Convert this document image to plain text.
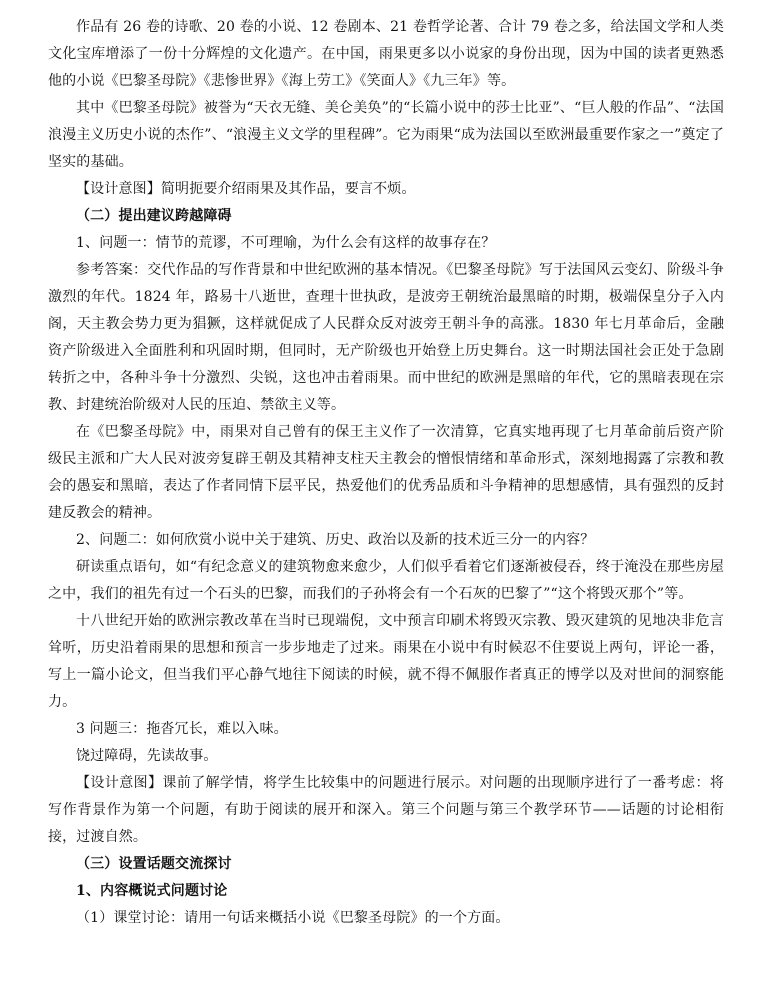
作品有 26 卷的诗歌、20 卷的小说、12 卷剧本、21 卷哲学论著、合计 79 卷之多，给法国文学和人类文化宝库增添了一份十分辉煌的文化遗产。在中国，雨果更多以小说家的身份出现，因为中国的读者更熟悉他的小说《巴黎圣母院》《悲惨世界》《海上劳工》《笑面人》《九三年》等。

其中《巴黎圣母院》被誉为“天衣无缝、美仑美奂”的“长篇小说中的莎士比亚”、“巨人般的作品”、“法国浪漫主义历史小说的杰作”、“浪漫主义文学的里程碑”。它为雨果“成为法国以至欧洲最重要作家之一”奠定了坚实的基础。

【设计意图】简明扼要介绍雨果及其作品，要言不烦。

（二）提出建议跨越障碍

1、问题一：情节的荒谬，不可理喻，为什么会有这样的故事存在？

参考答案：交代作品的写作背景和中世纪欧洲的基本情况。《巴黎圣母院》写于法国风云变幻、阶级斗争激烈的年代。1824 年，路易十八逝世，查理十世执政，是波旁王朝统治最黑暗的时期，极端保皇分子入内阁，天主教会势力更为猖獗，这样就促成了人民群众反对波旁王朝斗争的高涨。1830 年七月革命后，金融资产阶级进入全面胜利和巩固时期，但同时，无产阶级也开始登上历史舞台。这一时期法国社会正处于急剧转折之中，各种斗争十分激烈、尖锐，这也冲击着雨果。而中世纪的欧洲是黑暗的年代，它的黑暗表现在宗教、封建统治阶级对人民的压迫、禁欲主义等。

在《巴黎圣母院》中，雨果对自己曾有的保王主义作了一次清算，它真实地再现了七月革命前后资产阶级民主派和广大人民对波旁复辟王朝及其精神支柱天主教会的憎恨情绪和革命形式，深刻地揭露了宗教和教会的愚妄和黑暗，表达了作者同情下层平民，热爱他们的优秀品质和斗争精神的思想感情，具有强烈的反封建反教会的精神。

2、问题二：如何欣赏小说中关于建筑、历史、政治以及新的技术近三分一的内容？

研读重点语句，如“有纪念意义的建筑物愈来愈少，人们似乎看着它们逐渐被侵吞，终于淹没在那些房屋之中，我们的祖先有过一个石头的巴黎，而我们的子孙将会有一个石灰的巴黎了”“这个将毁灭那个”等。

十八世纪开始的欧洲宗教改革在当时已现端倪，文中预言印刷术将毁灭宗教、毁灭建筑的见地决非危言耸听，历史沿着雨果的思想和预言一步步地走了过来。雨果在小说中有时候忍不住要说上两句，评论一番，写上一篇小论文，但当我们平心静气地往下阅读的时候，就不得不佩服作者真正的博学以及对世间的洞察能力。

3 问题三：拖沓冗长，难以入味。

饶过障碍，先读故事。

【设计意图】课前了解学情，将学生比较集中的问题进行展示。对问题的出现顺序进行了一番考虑：将写作背景作为第一个问题，有助于阅读的展开和深入。第三个问题与第三个教学环节——话题的讨论相衔接，过渡自然。

（三）设置话题交流探讨

1、内容概说式问题讨论

（1）课堂讨论：请用一句话来概括小说《巴黎圣母院》的一个方面。
